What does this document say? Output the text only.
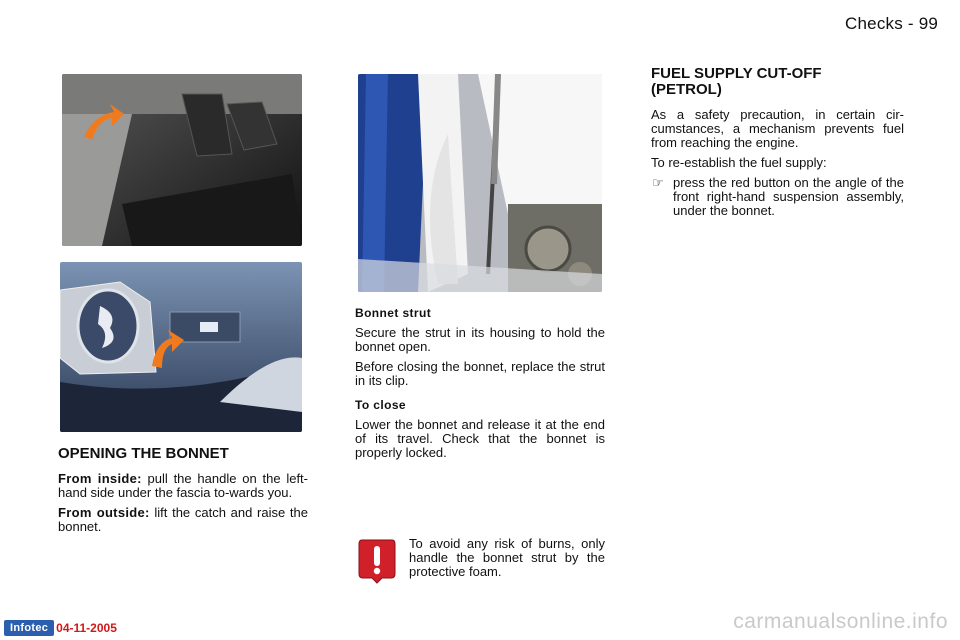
Checks - 99
OPENING THE BONNET

From inside: pull the handle on the left-hand side under the fascia to-wards you.

From outside: lift the catch and raise the bonnet.

Bonnet strut

Secure the strut in its housing to hold the bonnet open.

Before closing the bonnet, replace the strut in its clip.

To close

Lower the bonnet and release it at the end of its travel. Check that the bonnet is properly locked.

To avoid any risk of burns, only handle the bonnet strut by the protective foam.
FUEL SUPPLY CUT-OFF (PETROL)

As a safety precaution, in certain cir-cumstances, a mechanism prevents fuel from reaching the engine.

To re-establish the fuel supply:

☞ press the red button on the angle of the front right-hand suspension assembly, under the bonnet.
Infotec 04-11-2005	carmanualsonline.info
